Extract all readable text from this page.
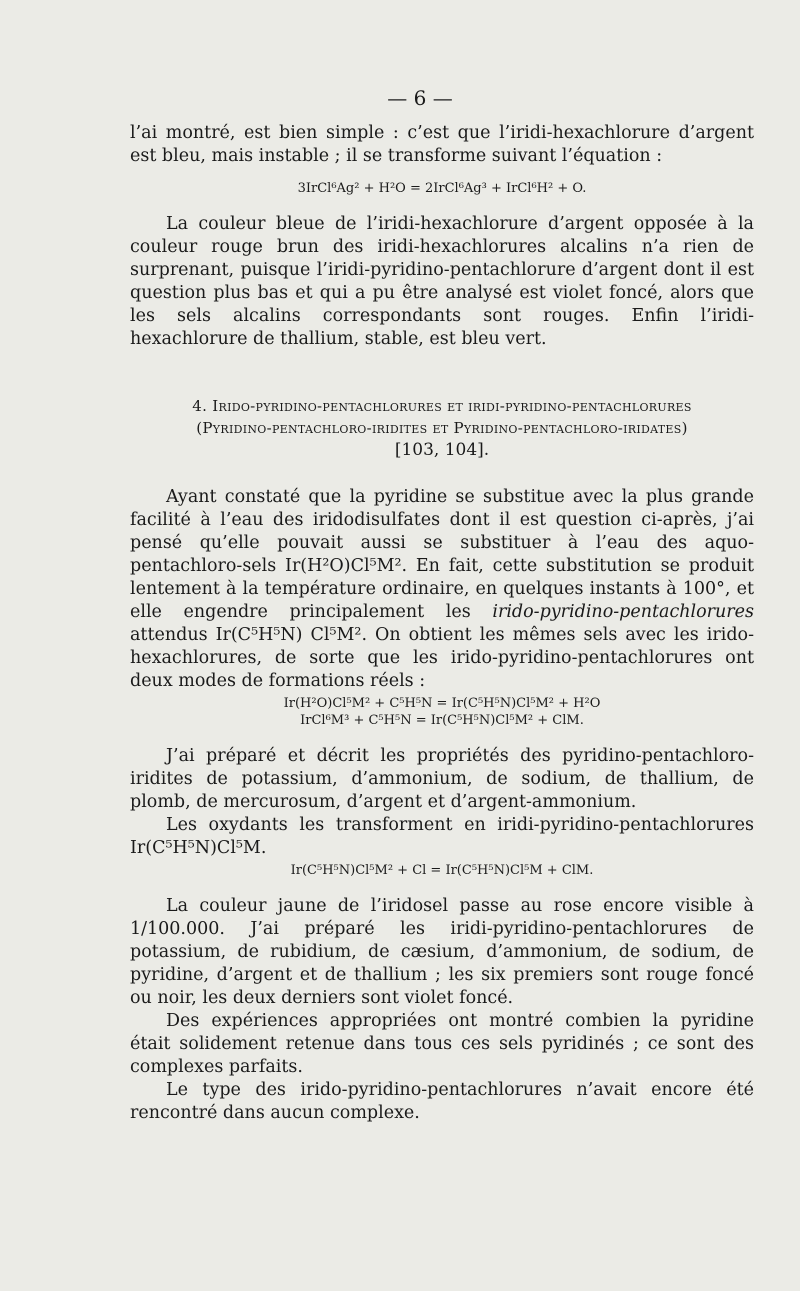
— 6 —

l’ai montré, est bien simple : c’est que l’iridi-hexachlorure d’argent est bleu, mais instable ; il se transforme suivant l’équation :

3IrCl⁶Ag² + H²O = 2IrCl⁶Ag³ + IrCl⁶H² + O.

La couleur bleue de l’iridi-hexachlorure d’argent opposée à la couleur rouge brun des iridi-hexachlorures alcalins n’a rien de surprenant, puisque l’iridi-pyridino-pentachlorure d’argent dont il est question plus bas et qui a pu être analysé est violet foncé, alors que les sels alcalins correspondants sont rouges. Enfin l’iridi-hexachlorure de thallium, stable, est bleu vert.

4. Irido-pyridino-pentachlorures et iridi-pyridino-pentachlorures

(Pyridino-pentachloro-iridites et Pyridino-pentachloro-iridates)

[103, 104].

Ayant constaté que la pyridine se substitue avec la plus grande facilité à l’eau des iridodisulfates dont il est question ci-après, j’ai pensé qu’elle pouvait aussi se substituer à l’eau des aquo-pentachloro-sels Ir(H²O)Cl⁵M². En fait, cette substitution se produit lentement à la température ordinaire, en quelques instants à 100°, et elle engendre principalement les irido-pyridino-pentachlorures attendus Ir(C⁵H⁵N) Cl⁵M². On obtient les mêmes sels avec les irido-hexachlorures, de sorte que les irido-pyridino-pentachlorures ont deux modes de formations réels :

Ir(H²O)Cl⁵M² + C⁵H⁵N = Ir(C⁵H⁵N)Cl⁵M² + H²O

IrCl⁶M³ + C⁵H⁵N = Ir(C⁵H⁵N)Cl⁵M² + ClM.

J’ai préparé et décrit les propriétés des pyridino-pentachloro-iridites de potassium, d’ammonium, de sodium, de thallium, de plomb, de mercurosum, d’argent et d’argent-ammonium.

Les oxydants les transforment en iridi-pyridino-pentachlorures Ir(C⁵H⁵N)Cl⁵M.

Ir(C⁵H⁵N)Cl⁵M² + Cl = Ir(C⁵H⁵N)Cl⁵M + ClM.

La couleur jaune de l’iridosel passe au rose encore visible à 1/100.000. J’ai préparé les iridi-pyridino-pentachlorures de potassium, de rubidium, de cæsium, d’ammonium, de sodium, de pyridine, d’argent et de thallium ; les six premiers sont rouge foncé ou noir, les deux derniers sont violet foncé.

Des expériences appropriées ont montré combien la pyridine était solidement retenue dans tous ces sels pyridinés ; ce sont des complexes parfaits.

Le type des irido-pyridino-pentachlorures n’avait encore été rencontré dans aucun complexe.
